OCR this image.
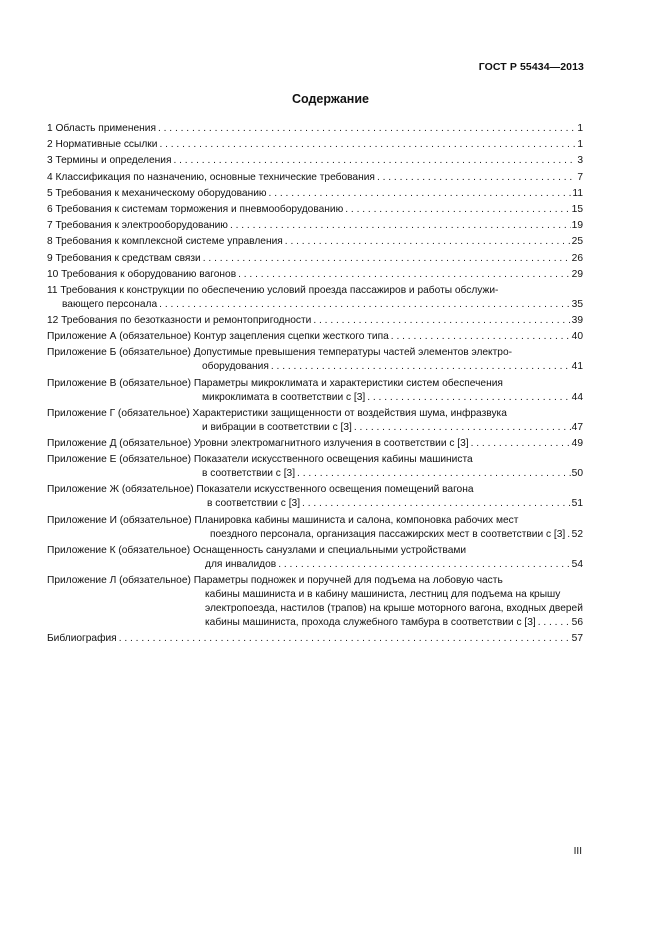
ГОСТ Р 55434—2013
Содержание
1 Область применения . . .	1
2 Нормативные ссылки . . .	1
3 Термины и определения . . .	3
4 Классификация по назначению, основные технические требования . . .	7
5 Требования к механическому оборудованию . . .	11
6 Требования к системам торможения и пневмооборудованию . . .	15
7 Требования к электрооборудованию . . .	19
8 Требования к комплексной системе управления . . .	25
9 Требования к средствам связи . . .	26
10 Требования к оборудованию вагонов . . .	29
11 Требования к конструкции по обеспечению условий проезда пассажиров и работы обслужи-
вающего персонала . . .	35
12 Требования по безотказности и ремонтопригодности . . .	39
Приложение А (обязательное) Контур зацепления сцепки жесткого типа . . .	40
Приложение Б (обязательное) Допустимые превышения температуры частей элементов электро-
оборудования . . .	41
Приложение В (обязательное) Параметры микроклимата и характеристики систем обеспечения
микроклимата в соответствии с [3] . . .	44
Приложение Г (обязательное) Характеристики защищенности от воздействия шума, инфразвука
и вибрации в соответствии с [3] . . .	47
Приложение Д (обязательное) Уровни электромагнитного излучения в соответствии с [3] . . .	49
Приложение Е (обязательное) Показатели искусственного освещения кабины машиниста
в соответствии с [3] . . .	50
Приложение Ж (обязательное) Показатели искусственного освещения помещений вагона
в соответствии с [3] . . .	51
Приложение И (обязательное) Планировка кабины машиниста и салона, компоновка рабочих мест
поездного персонала, организация пассажирских мест в соответствии с [3] . . . 52
Приложение К (обязательное) Оснащенность санузлами и специальными устройствами
для инвалидов . . .	54
Приложение Л (обязательное) Параметры подножек и поручней для подъема на лобовую часть
кабины машиниста и в кабину машиниста, лестниц для подъема на крышу
электропоезда, настилов (трапов) на крыше моторного вагона, входных дверей
кабины машиниста, прохода служебного тамбура в соответствии с [3] . . .	56
Библиография . . .	57
III
